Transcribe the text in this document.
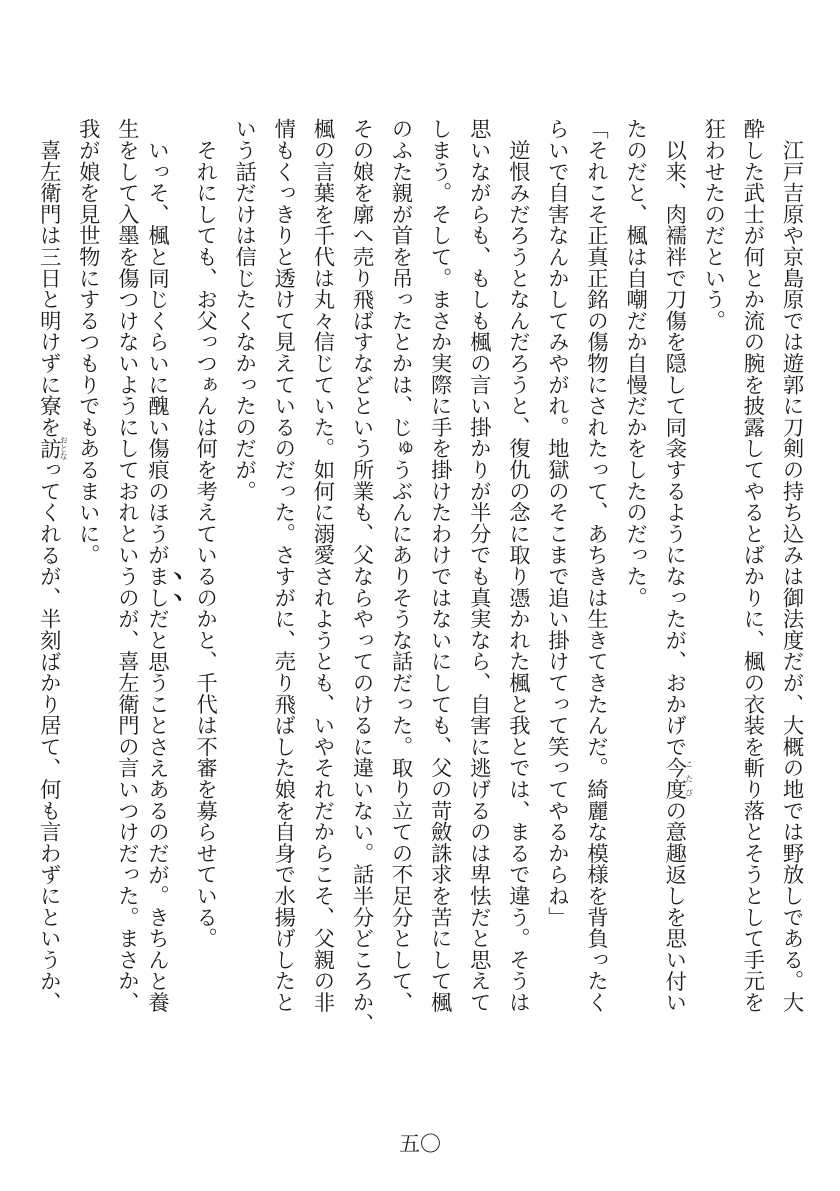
　江戸吉原や京島原では遊郭に刀剣の持ち込みは御法度だが、大概の地では野放しである。大
酔した武士が何とか流の腕を披露してやるとばかりに、楓の衣装を斬り落とそうとして手元を
狂わせたのだという。
　以来、肉襦袢で刀傷を隠して同衾するようになったが、おかげで今度こたびの意趣返しを思い付い
たのだと、楓は自嘲だか自慢だかをしたのだった。
「それこそ正真正銘の傷物にされたって、あちきは生きてきたんだ。綺麗な模様を背負ったく
らいで自害なんかしてみやがれ。地獄のそこまで追い掛けてって笑ってやるからね」
　逆恨みだろうとなんだろうと、復仇の念に取り憑かれた楓と我とでは、まるで違う。そうは
思いながらも、もしも楓の言い掛かりが半分でも真実なら、自害に逃げるのは卑怯だと思えて
しまう。そして。まさか実際に手を掛けたわけではないにしても、父の苛斂誅求を苦にして楓
のふた親が首を吊ったとかは、じゅうぶんにありそうな話だった。取り立ての不足分として、
その娘を廓へ売り飛ばすなどという所業も、父ならやってのけるに違いない。話半分どころか、
楓の言葉を千代は丸々信じていた。如何に溺愛されようとも、いやそれだからこそ、父親の非
情もくっきりと透けて見えているのだった。さすがに、売り飛ばした娘を自身で水揚げしたと
いう話だけは信じたくなかったのだが。
　それにしても、お父っつぁんは何を考えているのかと、千代は不審を募らせている。
　いっそ、楓と同じくらいに醜い傷痕のほうがましだと思うことさえあるのだが。きちんと養
生をして入墨を傷つけないようにしておれというのが、喜左衛門の言いつけだった。まさか、
我が娘を見世物にするつもりでもあるまいに。
　喜左衛門は三日と明けずに寮を訪おとなってくれるが、半刻ばかり居て、何も言わずにというか、
五〇
